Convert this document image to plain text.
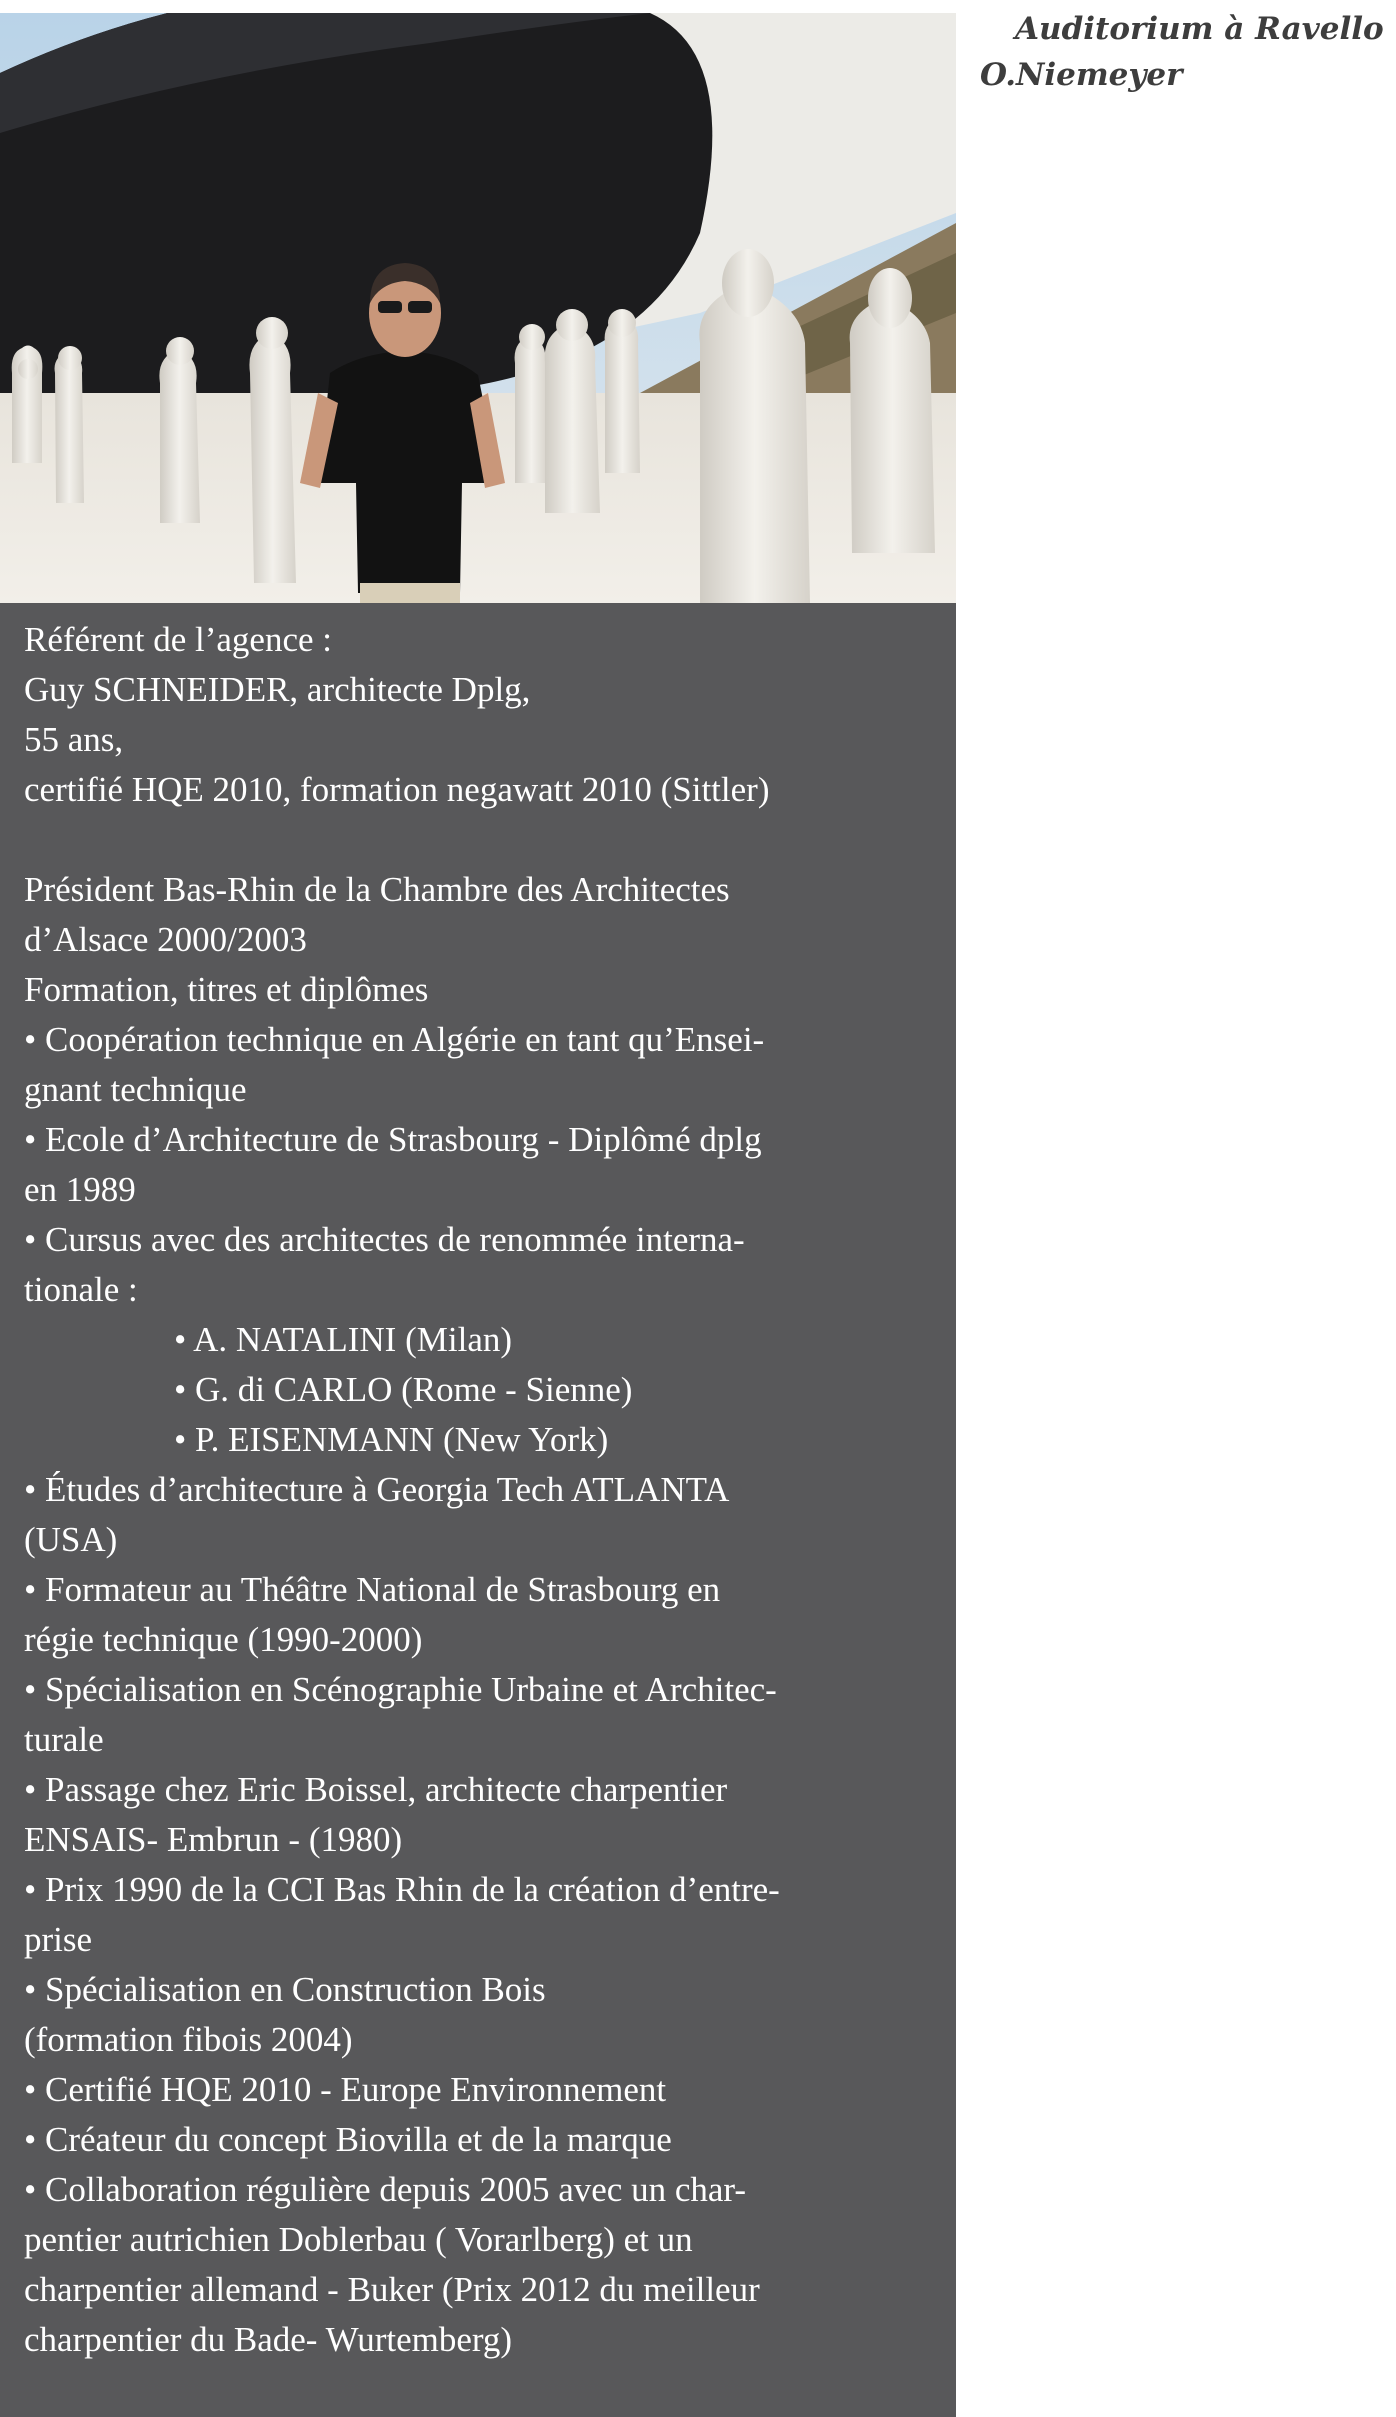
Auditorium à Ravello
O.Niemeyer
Référent de l’agence :
Guy SCHNEIDER, architecte Dplg,
55 ans,
certifié HQE 2010, formation negawatt 2010 (Sittler)
Président Bas-Rhin de la Chambre des Architectes
d’Alsace 2000/2003
Formation, titres et diplômes
• Coopération technique en Algérie en tant qu’Ensei-
gnant technique
• Ecole d’Architecture de Strasbourg - Diplômé dplg
en 1989
• Cursus avec des architectes de renommée interna-
tionale :
• A. NATALINI (Milan)
• G. di CARLO (Rome - Sienne)
• P. EISENMANN (New York)
• Études d’architecture à Georgia Tech ATLANTA
(USA)
• Formateur au Théâtre National de Strasbourg en
régie technique (1990-2000)
• Spécialisation en Scénographie Urbaine et Architec-
turale
• Passage chez Eric Boissel, architecte charpentier
ENSAIS- Embrun - (1980)
• Prix 1990 de la CCI Bas Rhin de la création d’entre-
prise
• Spécialisation en Construction Bois
(formation fibois 2004)
• Certifié HQE 2010 - Europe Environnement
• Créateur du concept Biovilla et de la marque
• Collaboration régulière depuis 2005 avec un char-
pentier autrichien Doblerbau ( Vorarlberg) et un
charpentier allemand - Buker (Prix 2012 du meilleur
charpentier du Bade- Wurtemberg)
